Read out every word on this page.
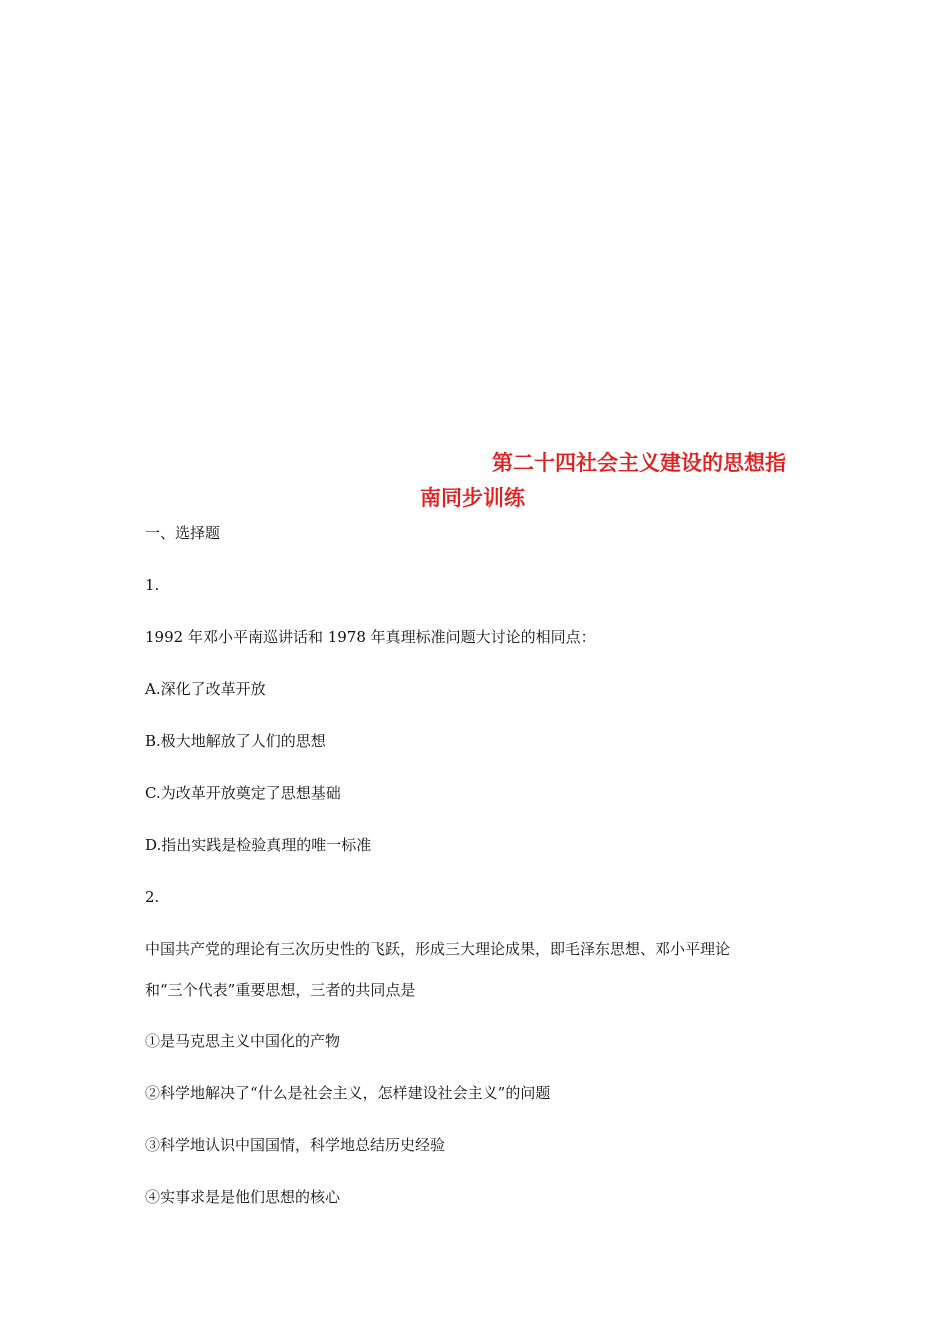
第二十四社会主义建设的思想指
南同步训练
一、选择题
1.
1992 年邓小平南巡讲话和 1978 年真理标准问题大讨论的相同点：
A.深化了改革开放
B.极大地解放了人们的思想
C.为改革开放奠定了思想基础
D.指出实践是检验真理的唯一标准
2.
中国共产党的理论有三次历史性的飞跃，形成三大理论成果，即毛泽东思想、邓小平理论
和“三个代表”重要思想，三者的共同点是
①是马克思主义中国化的产物
②科学地解决了“什么是社会主义，怎样建设社会主义”的问题
③科学地认识中国国情，科学地总结历史经验
④实事求是是他们思想的核心
